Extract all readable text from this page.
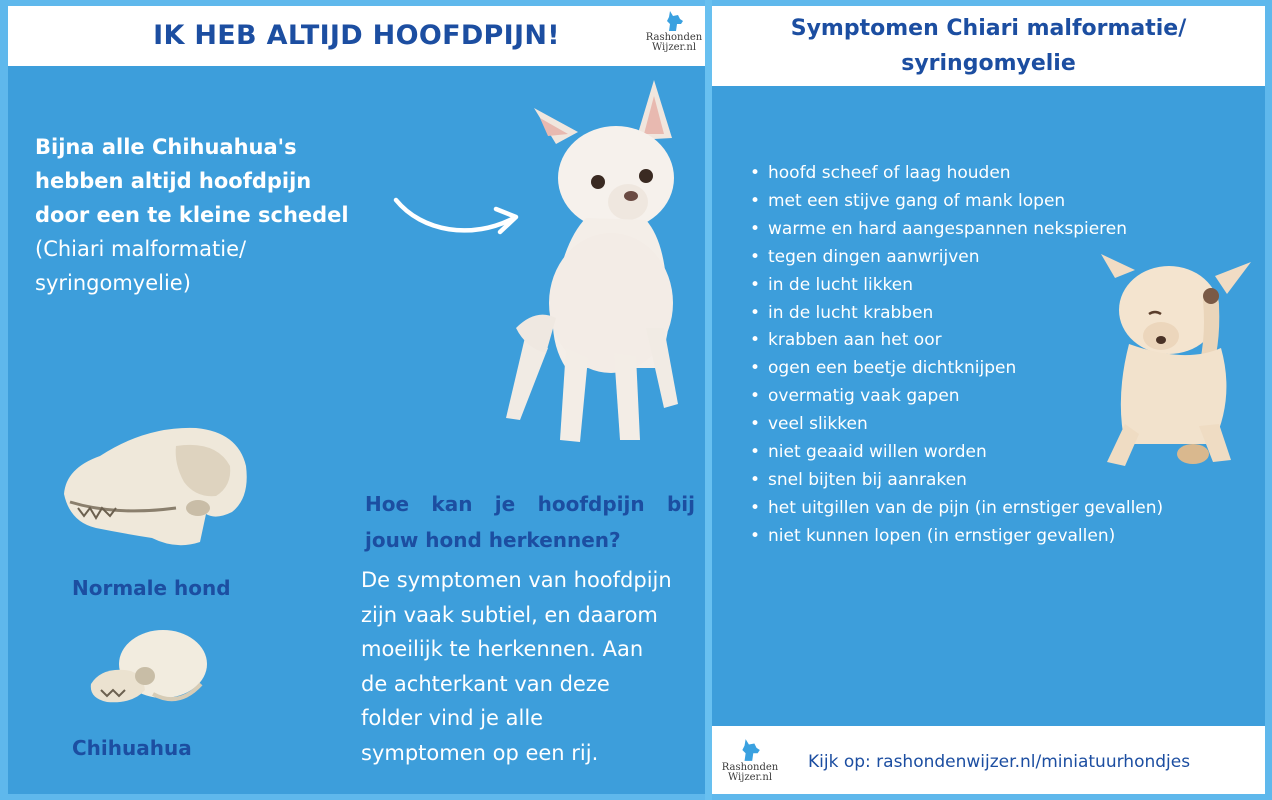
IK HEB ALTIJD HOOFDPIJN!	Rashonden
Wijzer.nl
Bijna alle Chihuahua's
hebben altijd hoofdpijn
door een te kleine schedel
(Chiari malformatie/
syringomyelie)
Normale hond
Chihuahua
Hoe kan je hoofdpijn bij
jouw hond herkennen?
De symptomen van hoofdpijn
zijn vaak subtiel, en daarom
moeilijk te herkennen. Aan
de achterkant van deze
folder vind je alle
symptomen op een rij.
Symptomen Chiari malformatie/
syringomyelie
• hoofd scheef of laag houden
• met een stijve gang of mank lopen
• warme en hard aangespannen nekspieren
• tegen dingen aanwrijven
• in de lucht likken
• in de lucht krabben
• krabben aan het oor
• ogen een beetje dichtknijpen
• overmatig vaak gapen
• veel slikken
• niet geaaid willen worden
• snel bijten bij aanraken
• het uitgillen van de pijn (in ernstiger gevallen)
• niet kunnen lopen (in ernstiger gevallen)
Rashonden
Wijzer.nl
Kijk op: rashondenwijzer.nl/miniatuurhondjes
